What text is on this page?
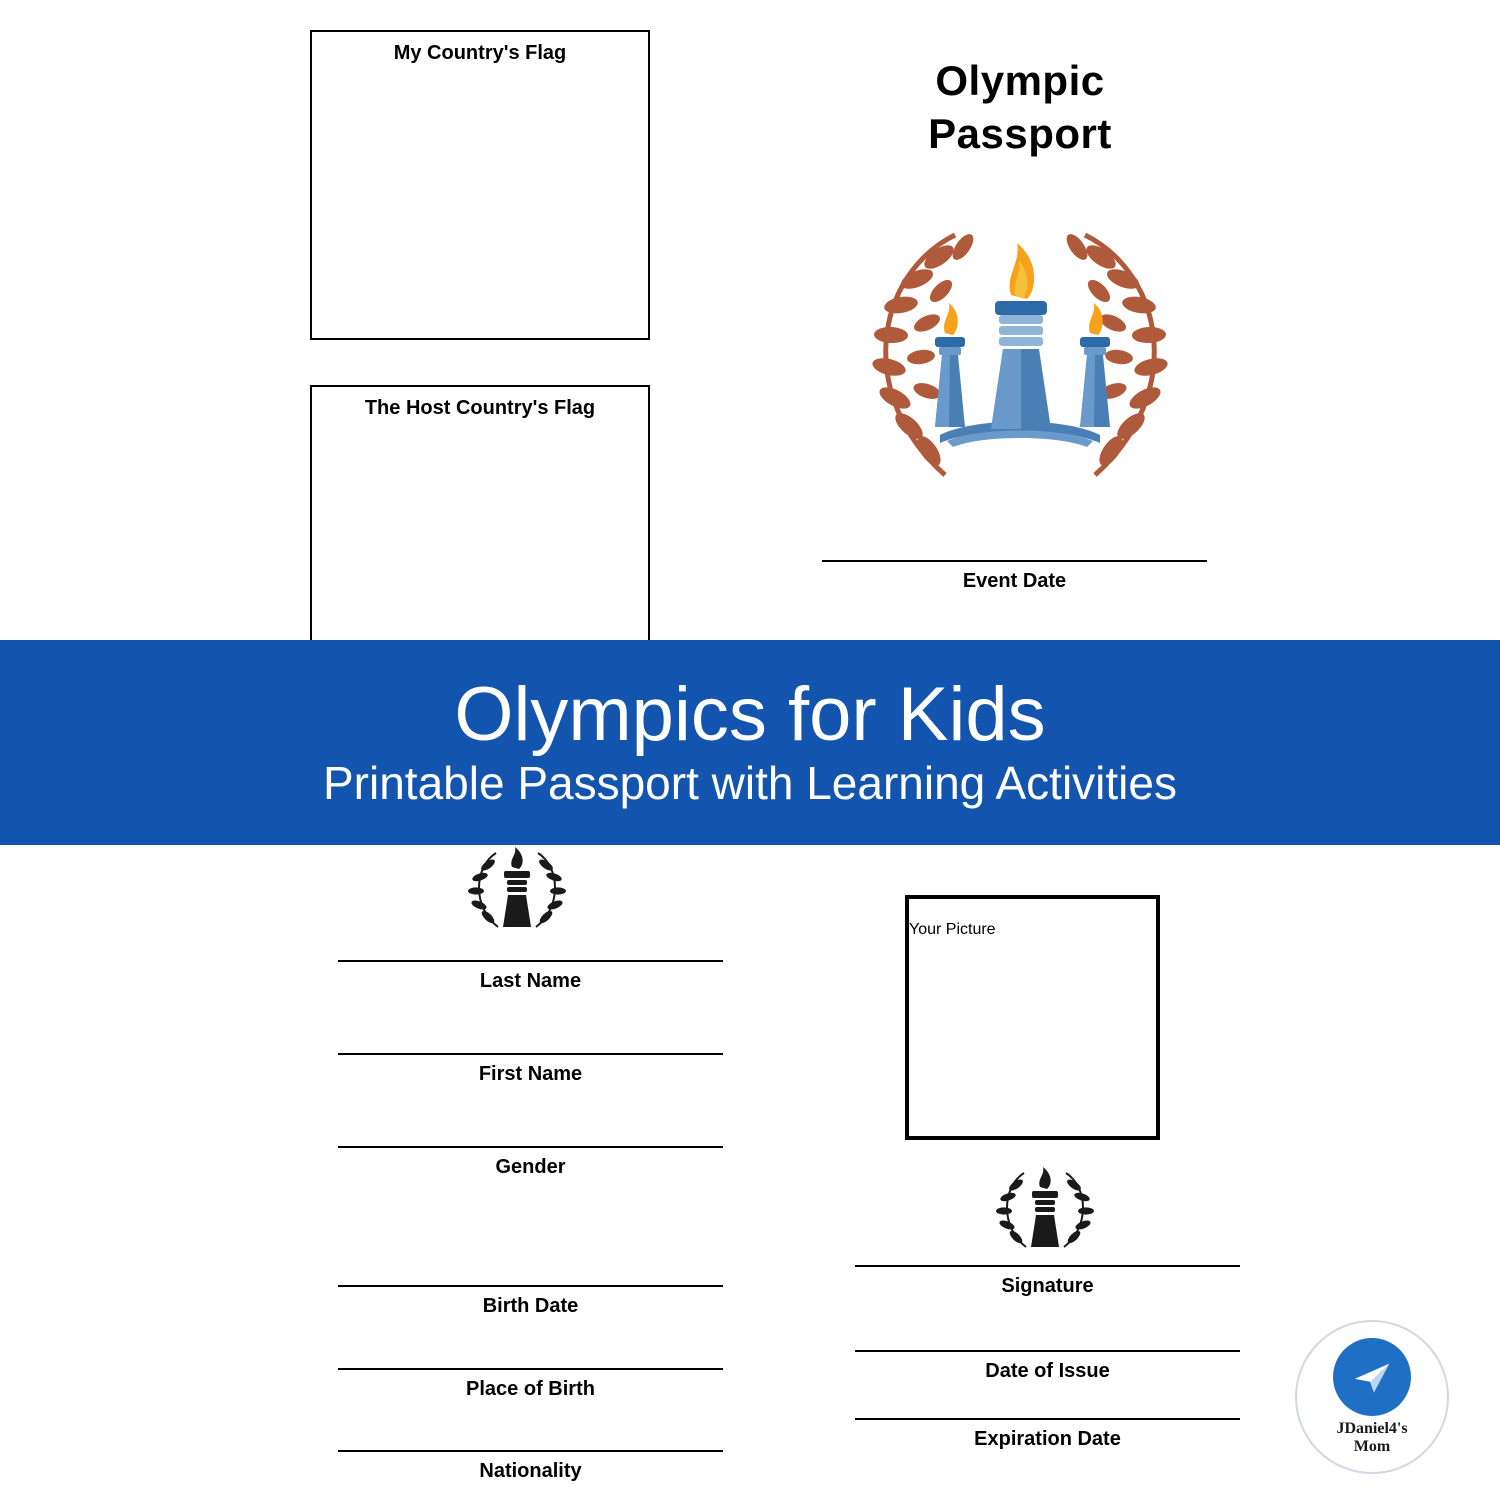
My Country's Flag
The Host Country's Flag
Olympic
Passport
Event Date
Olympics for Kids
Printable Passport with Learning Activities
Last Name
First Name
Gender
Birth Date
Place of Birth
Nationality
Your Picture
Signature
Date of Issue
Expiration Date	JDaniel4's
Mom
